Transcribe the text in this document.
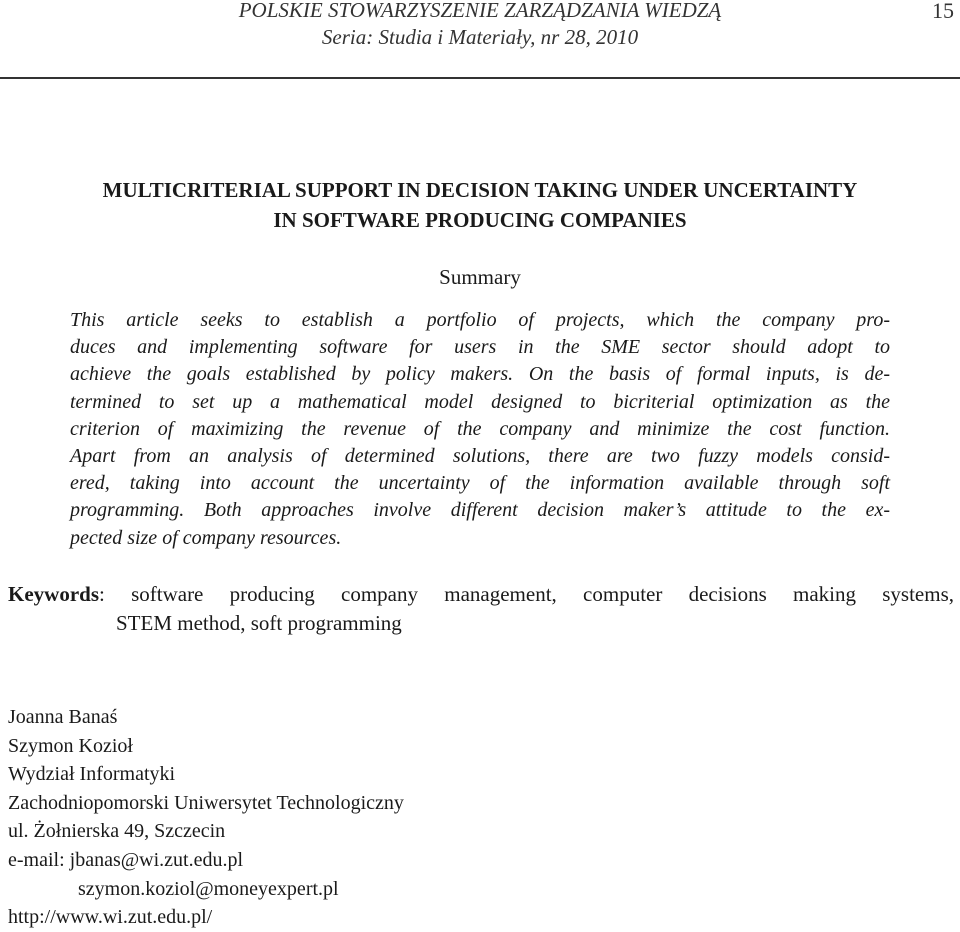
POLSKIE STOWARZYSZENIE ZARZĄDZANIA WIEDZĄ
Seria: Studia i Materiały, nr 28, 2010
15
MULTICRITERIAL SUPPORT IN DECISION TAKING UNDER UNCERTAINTY
IN SOFTWARE PRODUCING COMPANIES
Summary
This article seeks to establish a portfolio of projects, which the company pro-
duces and implementing software for users in the SME sector should adopt to
achieve the goals established by policy makers. On the basis of formal inputs, is de-
termined to set up a mathematical model designed to bicriterial optimization as the
criterion of maximizing the revenue of the company and minimize the cost function.
Apart from an analysis of determined solutions, there are two fuzzy models consid-
ered, taking into account the uncertainty of the information available through soft
programming. Both approaches involve different decision maker’s attitude to the ex-
pected size of company resources.
Keywords: software producing company management, computer decisions making systems,
STEM method, soft programming
Joanna Banaś
Szymon Kozioł
Wydział Informatyki
Zachodniopomorski Uniwersytet Technologiczny
ul. Żołnierska 49, Szczecin
e-mail: jbanas@wi.zut.edu.pl
szymon.koziol@moneyexpert.pl
http://www.wi.zut.edu.pl/
